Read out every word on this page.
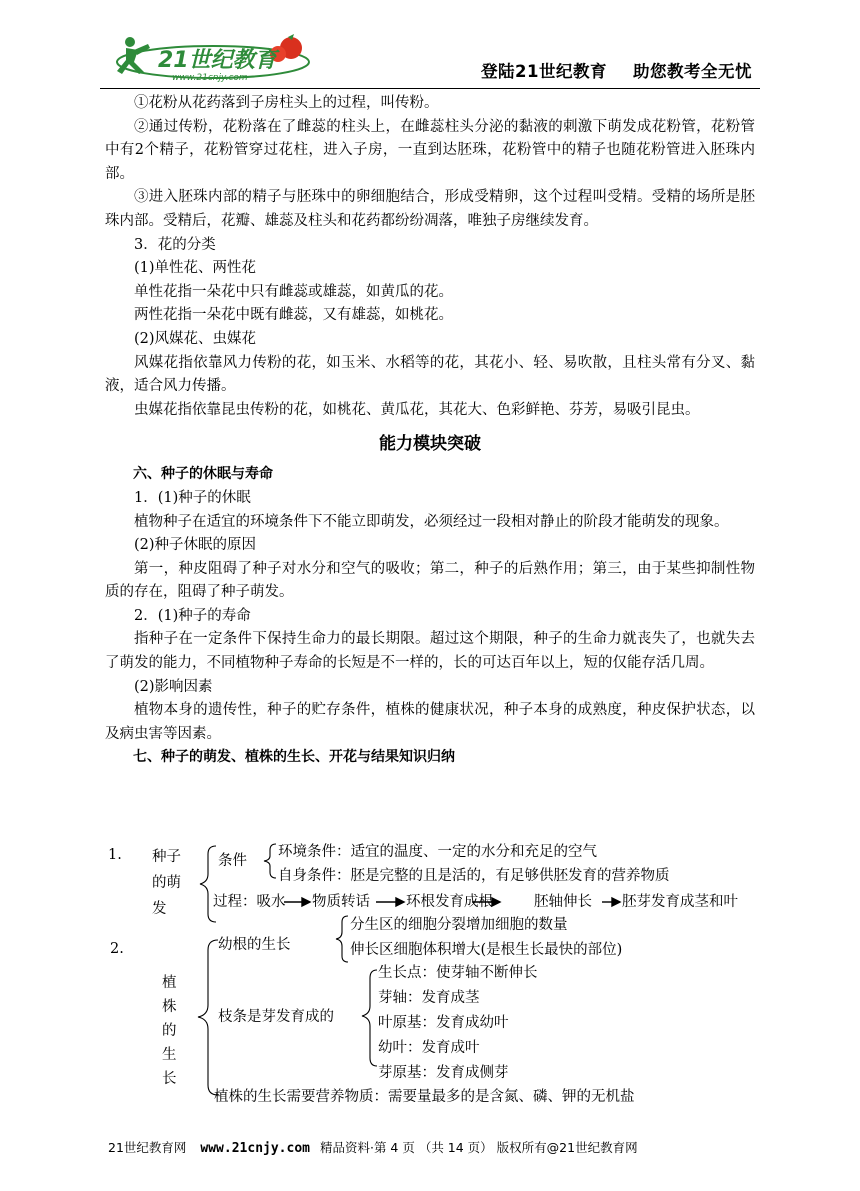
21世纪教育
www.21cnjy.com	登陆21世纪教育 助您教考全无忧

①花粉从花药落到子房柱头上的过程，叫传粉。

②通过传粉，花粉落在了雌蕊的柱头上，在雌蕊柱头分泌的黏液的刺激下萌发成花粉管，花粉管中有2个精子，花粉管穿过花柱，进入子房，一直到达胚珠，花粉管中的精子也随花粉管进入胚珠内部。

③进入胚珠内部的精子与胚珠中的卵细胞结合，形成受精卵，这个过程叫受精。受精的场所是胚珠内部。受精后，花瓣、雄蕊及柱头和花药都纷纷凋落，唯独子房继续发育。

3．花的分类

(1)单性花、两性花

单性花指一朵花中只有雌蕊或雄蕊，如黄瓜的花。

两性花指一朵花中既有雌蕊，又有雄蕊，如桃花。

(2)风媒花、虫媒花

风媒花指依靠风力传粉的花，如玉米、水稻等的花，其花小、轻、易吹散，且柱头常有分叉、黏液，适合风力传播。

虫媒花指依靠昆虫传粉的花，如桃花、黄瓜花，其花大、色彩鲜艳、芬芳，易吸引昆虫。

能力模块突破

六、种子的休眠与寿命

1．(1)种子的休眠

植物种子在适宜的环境条件下不能立即萌发，必须经过一段相对静止的阶段才能萌发的现象。

(2)种子休眠的原因

第一，种皮阻碍了种子对水分和空气的吸收；第二，种子的后熟作用；第三，由于某些抑制性物质的存在，阻碍了种子萌发。

2．(1)种子的寿命

指种子在一定条件下保持生命力的最长期限。超过这个期限，种子的生命力就丧失了，也就失去了萌发的能力，不同植物种子寿命的长短是不一样的，长的可达百年以上，短的仅能存活几周。

(2)影响因素

植物本身的遗传性，种子的贮存条件，植株的健康状况，种子本身的成熟度，种皮保护状态，以及病虫害等因素。

七、种子的萌发、植株的生长、开花与结果知识归纳

1. 种子
的萌
发
条件
环境条件：适宜的温度、一定的水分和充足的空气
自身条件：胚是完整的且是活的，有足够供胚发育的营养物质
过程：吸水 物质转话 环根发育成根	胚轴伸长 胚芽发育成茎和叶
2.
植
株
的
生
长
幼根的生长
分生区的细胞分裂增加细胞的数量
伸长区细胞体积增大(是根生长最快的部位)
枝条是芽发育成的
生长点：使芽轴不断伸长
芽轴：发育成茎
叶原基：发育成幼叶
幼叶：发育成叶
芽原基：发育成侧芽
植株的生长需要营养物质：需要量最多的是含氮、磷、钾的无机盐
21世纪教育网 www.21cnjy.com 精品资料·第 4 页 （共 14 页） 版权所有@21世纪教育网
